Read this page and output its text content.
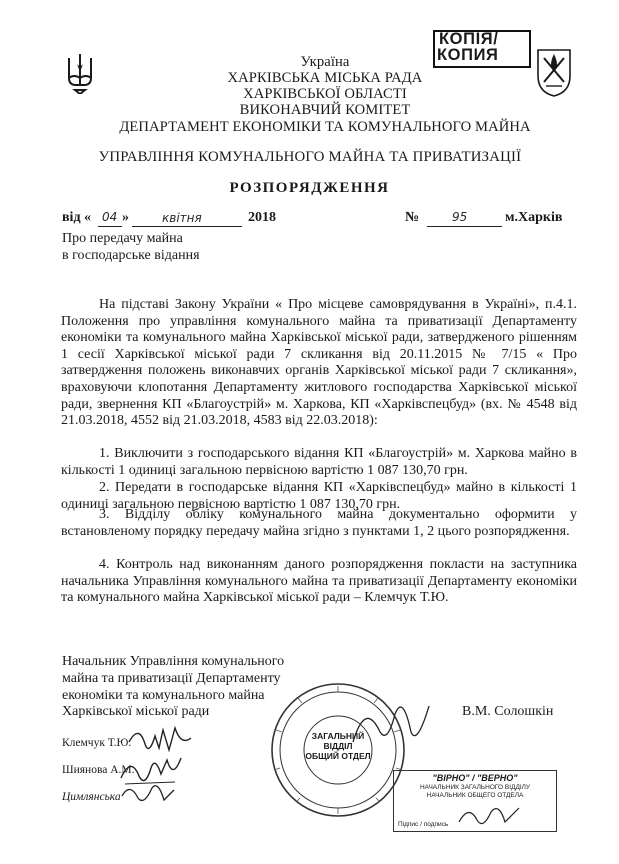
Україна
ХАРКІВСЬКА МІСЬКА РАДА
ХАРКІВСЬКОЇ ОБЛАСТІ
ВИКОНАВЧИЙ КОМІТЕТ
ДЕПАРТАМЕНТ ЕКОНОМІКИ ТА КОМУНАЛЬНОГО МАЙНА
КОПІЯ/
КОПИЯ
УПРАВЛІННЯ КОМУНАЛЬНОГО МАЙНА ТА ПРИВАТИЗАЦІЇ
РОЗПОРЯДЖЕННЯ
від « 04 »	квітня	2018	№	95	м.Харків
Про передачу майна
в господарське відання
На підставі Закону України « Про місцеве самоврядування в Україні», п.4.1. Положення про управління комунального майна та приватизації Департаменту економіки та комунального майна Харківської міської ради, затвердженого рішенням 1 сесії Харківської міської ради 7 скликання від 20.11.2015 № 7/15 « Про затвердження положень виконавчих органів Харківської міської ради 7 скликання», враховуючи клопотання Департаменту житлового господарства Харківської міської ради, звернення КП «Благоустрій» м. Харкова, КП «Харківспецбуд» (вх. № 4548 від 21.03.2018, 4552 від 21.03.2018, 4583 від 22.03.2018):
1. Виключити з господарського відання КП «Благоустрій» м. Харкова майно в кількості 1 одиниці загальною первісною вартістю 1 087 130,70 грн.
2. Передати в господарське відання КП «Харківспецбуд» майно в кількості 1 одиниці загальною первісною вартістю 1 087 130,70 грн.
3. Відділу обліку комунального майна документально оформити у встановленому порядку передачу майна згідно з пунктами 1, 2 цього розпорядження.
4. Контроль над виконанням даного розпорядження покласти на заступника начальника Управління комунального майна та приватизації Департаменту економіки та комунального майна Харківської міської ради – Клемчук Т.Ю.
Начальник Управління комунального
майна та приватизації Департаменту
економіки та комунального майна
Харківської міської ради	В.М. Солошкін
Клемчук Т.Ю.
Шиянова А.М.
Цимлянська
ЗАГАЛЬНИЙ
ВІДДІЛ
ОБЩИЙ ОТДЕЛ
"ВІРНО" / "ВЕРНО"
НАЧАЛЬНИК ЗАГАЛЬНОГО ВІДДІЛУ
НАЧАЛЬНИК ОБЩЕГО ОТДЕЛА
Підпис / подпись
